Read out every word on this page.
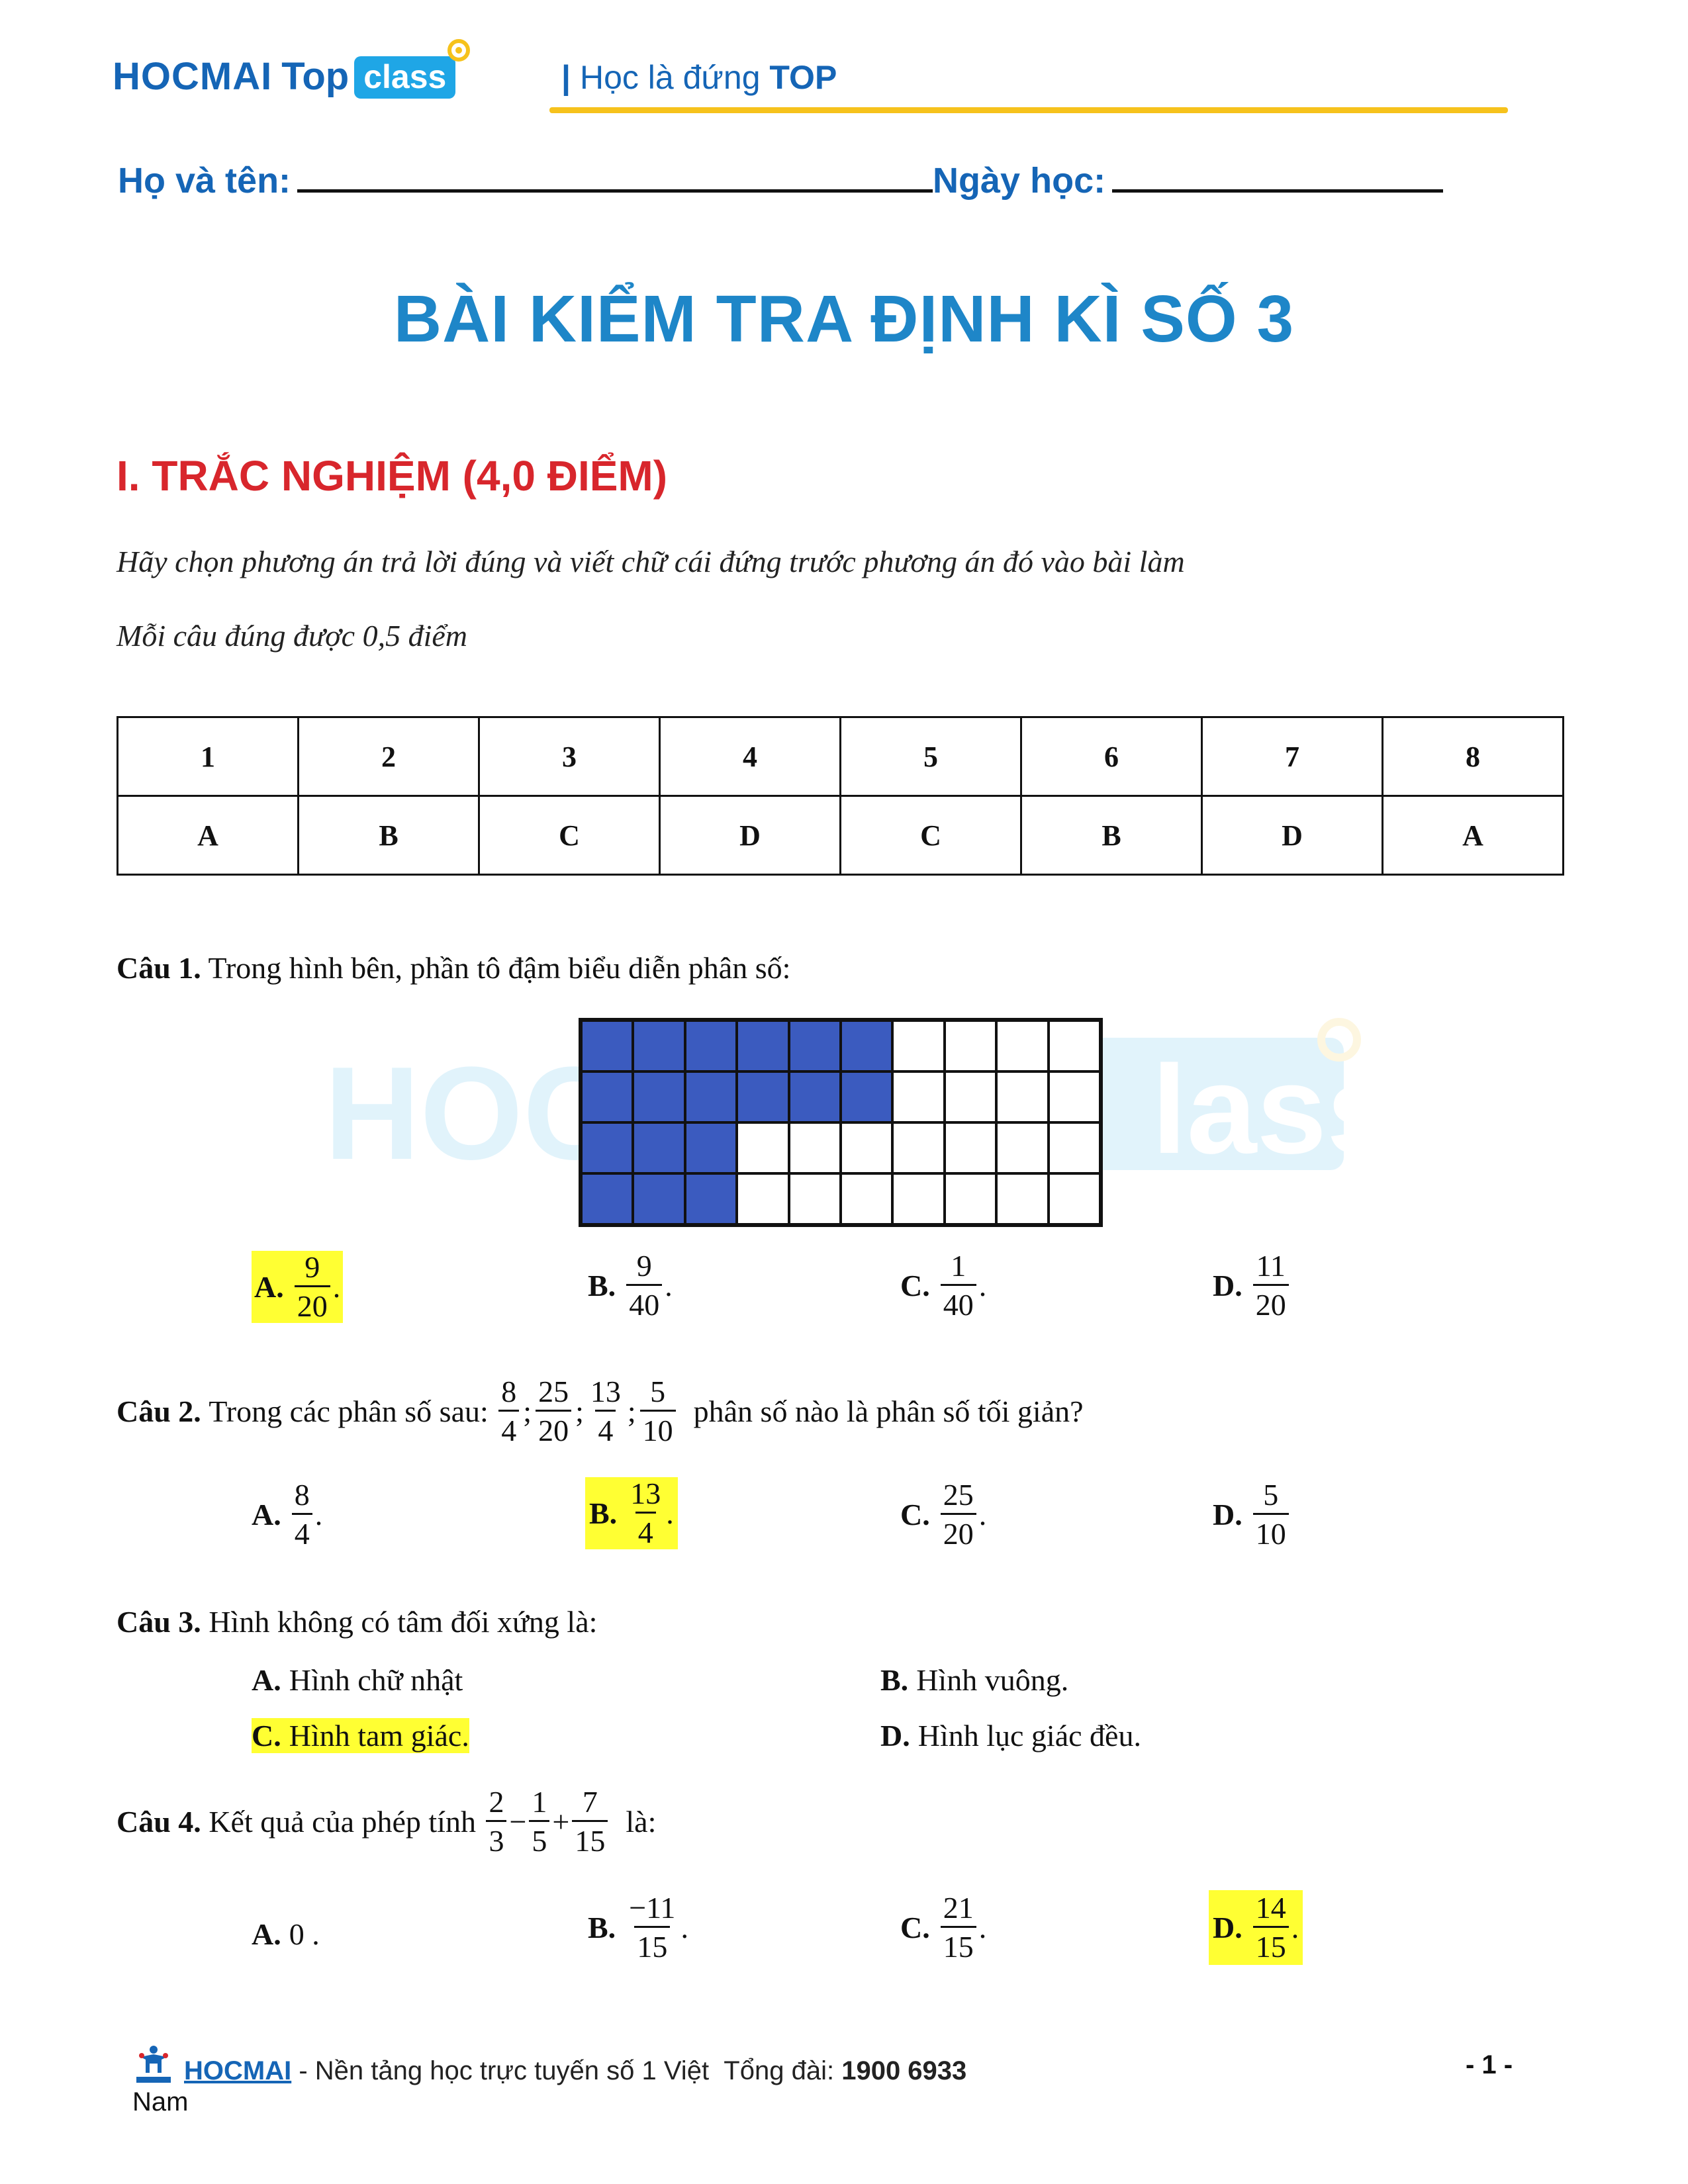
HOCMAI Top class	| Học là đứng TOP
Họ và tên:	Ngày học:
BÀI KIỂM TRA ĐỊNH KÌ SỐ 3
I. TRẮC NGHIỆM (4,0 ĐIỂM)
Hãy chọn phương án trả lời đúng và viết chữ cái đứng trước phương án đó vào bài làm
Mỗi câu đúng được 0,5 điểm
1	2	3	4	5	6	7	8
A	B	C	D	C	B	D	A
Câu 1. Trong hình bên, phần tô đậm biểu diễn phân số:
HOC	lass
A. $\frac{9}{20}$ .	B. $\frac{9}{40}$ .	C. $\frac{1}{40}$ .	D. $\frac{11}{20}$
Câu 2.
Trong các phân số sau:
$\frac{8}{4}$ ; $\frac{25}{20}$ ; $\frac{13}{4}$ ; $\frac{5}{10}$
phân số nào là phân số tối giản?
A. $\frac{8}{4}$ .	B. $\frac{13}{4}$ .	C. $\frac{25}{20}$ .	D. $\frac{5}{10}$
Câu 3. Hình không có tâm đối xứng là:
A. Hình chữ nhật	B. Hình vuông.
C. Hình tam giác.	D. Hình lục giác đều.
Câu 4.
Kết quả của phép tính
$\frac{2}{3} - \frac{1}{5} + \frac{7}{15}$
là:
A. 0
.	B. $\frac{-11}{15}$ .	C. $\frac{21}{15}$ .	D. $\frac{14}{15}$ .
HOCMAI
- Nền tảng học trực tuyến số 1 Việt
Tổng đài: 1900 6933	- 1 -
Nam
